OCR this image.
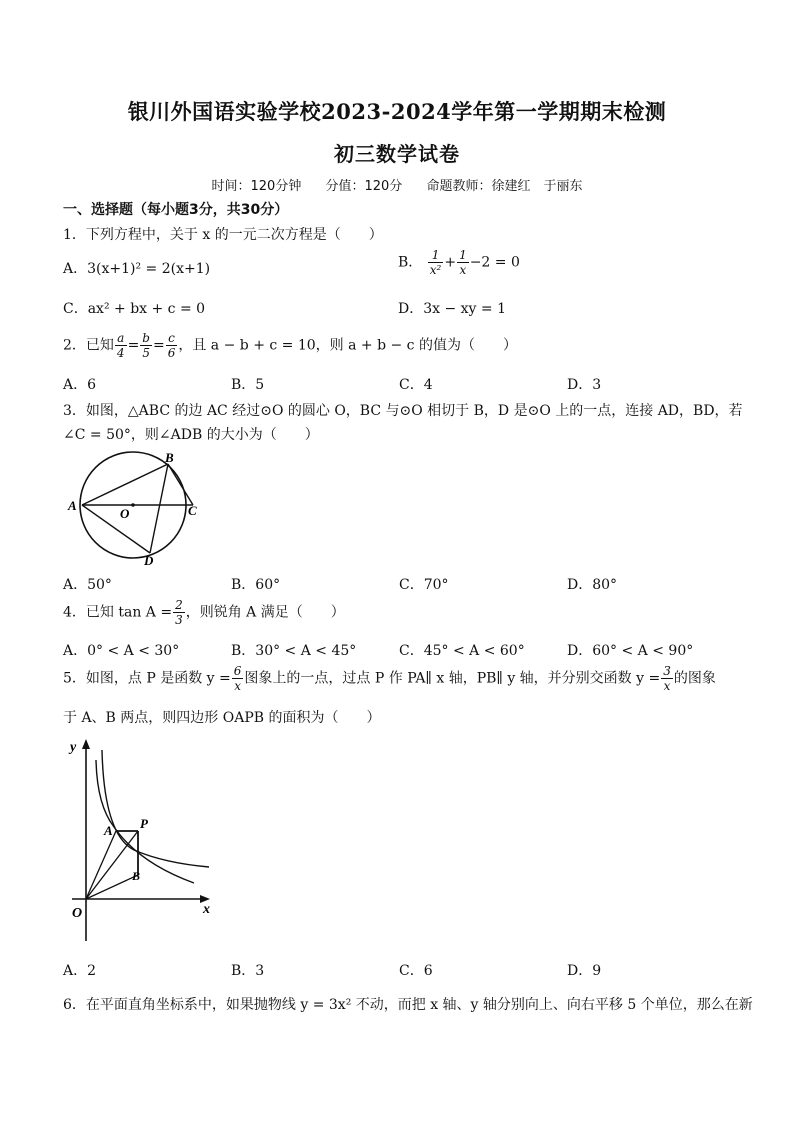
银川外国语实验学校2023-2024学年第一学期期末检测
初三数学试卷
时间：120分钟 分值：120分 命题教师：徐建红　于丽东
一、选择题（每小题3分，共30分）
1．下列方程中，关于 x 的一元二次方程是（　　）
A．3(x+1)² = 2(x+1)	B． $\frac{1}{\text{x²}} + \frac{1}{x} -2 = 0$
C．ax² + bx + c = 0	D．3x − xy = 1
2．已知 $\frac{a}{4} = \frac{b}{5} = \frac{c}{6}$ ，且 a − b + c = 10，则 a + b − c 的值为（　　）
A．6	B．5	C．4	D．3
3．如图，△ABC 的边 AC 经过⊙O 的圆心 O，BC 与⊙O 相切于 B，D 是⊙O 上的一点，连接 AD，BD，若
∠C = 50°，则∠ADB 的大小为（　　）
A
B
C
O
D
A．50°	B．60°	C．70°	D．80°
4．已知 $\tan A = \frac{2}{3}$ ，则锐角 A 满足（　　）
A．0° < A < 30°	B．30° < A < 45°	C．45° < A < 60°	D．60° < A < 90°
5．如图，点 P 是函数 $y = \frac{6}{x}$ 图象上的一点，过点 P 作 PA∥ x 轴，PB∥ y 轴，并分别交函数 $y = \frac{3}{x}$ 的图象
于 A、B 两点，则四边形 OAPB 的面积为（　　）
y
x
O
A P
B
A．2	B．3	C．6	D．9
6．在平面直角坐标系中，如果抛物线 y = 3x² 不动，而把 x 轴、y 轴分别向上、向右平移 5 个单位，那么在新
